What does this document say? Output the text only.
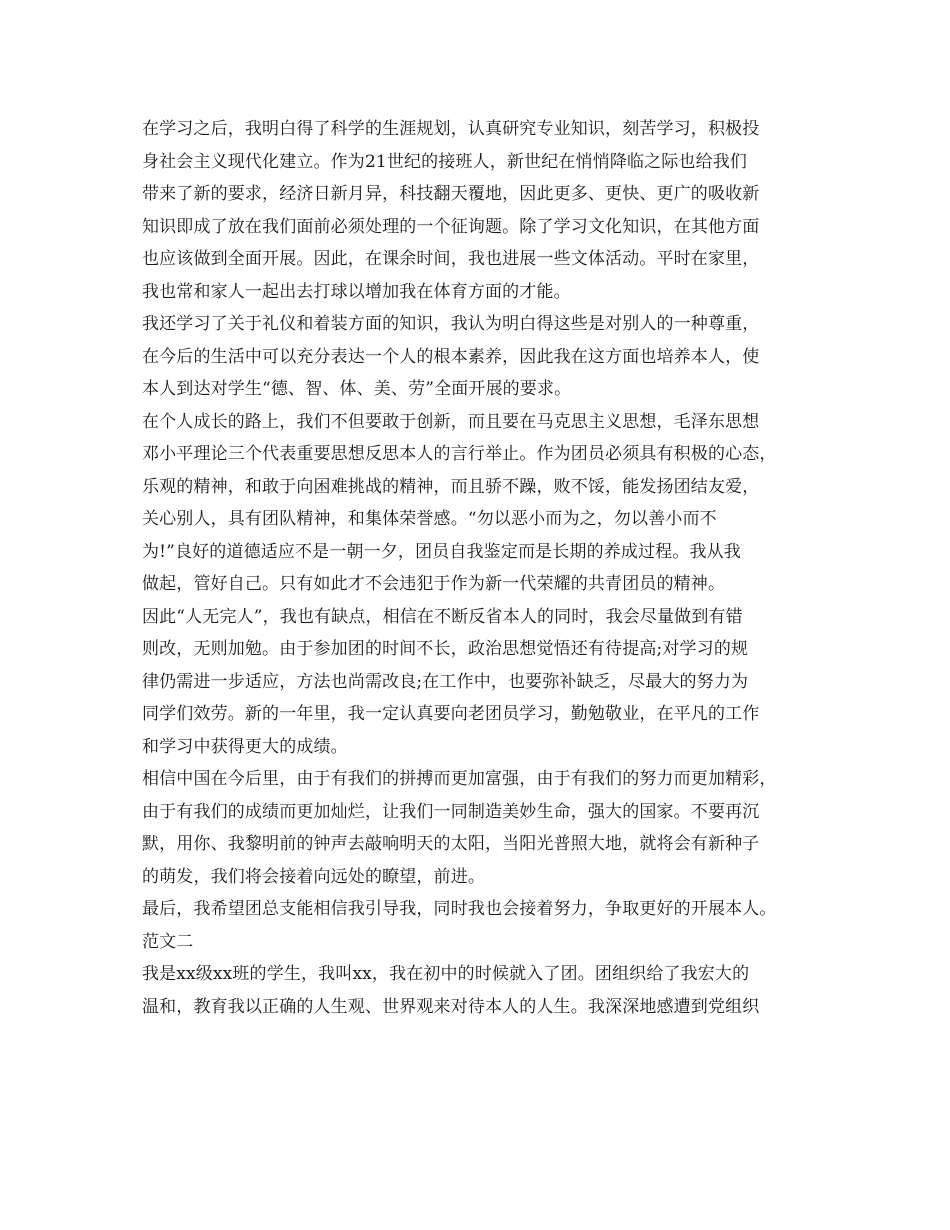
在学习之后，我明白得了科学的生涯规划，认真研究专业知识，刻苦学习，积极投
身社会主义现代化建立。作为21世纪的接班人，新世纪在悄悄降临之际也给我们
带来了新的要求，经济日新月异，科技翻天覆地，因此更多、更快、更广的吸收新
知识即成了放在我们面前必须处理的一个征询题。除了学习文化知识，在其他方面
也应该做到全面开展。因此，在课余时间，我也进展一些文体活动。平时在家里，
我也常和家人一起出去打球以增加我在体育方面的才能。
我还学习了关于礼仪和着装方面的知识，我认为明白得这些是对别人的一种尊重，
在今后的生活中可以充分表达一个人的根本素养，因此我在这方面也培养本人，使
本人到达对学生“德、智、体、美、劳”全面开展的要求。
在个人成长的路上，我们不但要敢于创新，而且要在马克思主义思想，毛泽东思想
邓小平理论三个代表重要思想反思本人的言行举止。作为团员必须具有积极的心态，
乐观的精神，和敢于向困难挑战的精神，而且骄不躁，败不馁，能发扬团结友爱，
关心别人，具有团队精神，和集体荣誉感。“勿以恶小而为之，勿以善小而不
为!”良好的道德适应不是一朝一夕，团员自我鉴定而是长期的养成过程。我从我
做起，管好自己。只有如此才不会违犯于作为新一代荣耀的共青团员的精神。
因此“人无完人”，我也有缺点，相信在不断反省本人的同时，我会尽量做到有错
则改，无则加勉。由于参加团的时间不长，政治思想觉悟还有待提高;对学习的规
律仍需进一步适应，方法也尚需改良;在工作中，也要弥补缺乏，尽最大的努力为
同学们效劳。新的一年里，我一定认真要向老团员学习，勤勉敬业，在平凡的工作
和学习中获得更大的成绩。
相信中国在今后里，由于有我们的拼搏而更加富强，由于有我们的努力而更加精彩，
由于有我们的成绩而更加灿烂，让我们一同制造美妙生命，强大的国家。不要再沉
默，用你、我黎明前的钟声去敲响明天的太阳，当阳光普照大地，就将会有新种子
的萌发，我们将会接着向远处的瞭望，前进。
最后，我希望团总支能相信我引导我，同时我也会接着努力，争取更好的开展本人。
范文二
我是xx级xx班的学生，我叫xx，我在初中的时候就入了团。团组织给了我宏大的
温和，教育我以正确的人生观、世界观来对待本人的人生。我深深地感遭到党组织
